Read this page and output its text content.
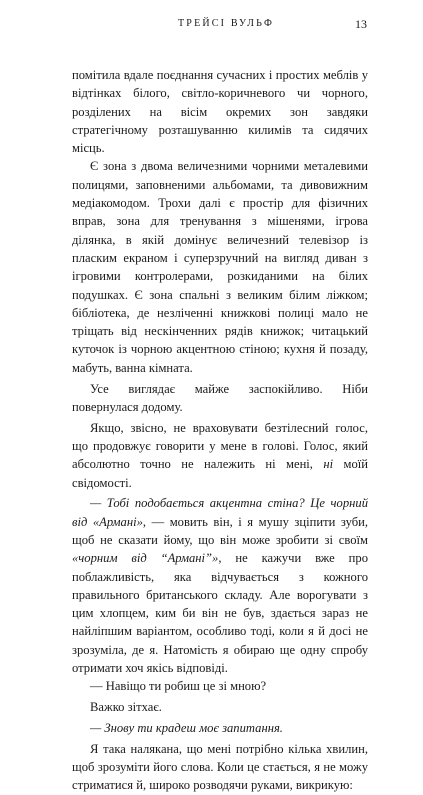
ТРЕЙСІ ВУЛЬФ	13

помітила вдале поєднання сучасних і простих меблів у відтінках білого, світло-коричневого чи чорного, розділених на вісім окремих зон завдяки стратегічному розташуванню килимів та сидячих місць.

Є зона з двома величезними чорними металевими полицями, заповненими альбомами, та дивовижним медіакомодом. Трохи далі є простір для фізичних вправ, зона для тренування з мішенями, ігрова ділянка, в якій домінує величезний телевізор із пласким екраном і суперзручний на вигляд диван з ігровими контролерами, розкиданими на білих подушках. Є зона спальні з великим білим ліжком; бібліотека, де незліченні книжкові полиці мало не тріщать від нескінченних рядів книжок; читацький куточок із чорною акцентною стіною; кухня й позаду, мабуть, ванна кімната.

Усе виглядає майже заспокійливо. Ніби повернулася додому.

Якщо, звісно, не враховувати безтілесний голос, що продовжує говорити у мене в голові. Голос, який абсолютно точно не належить ні мені, ні моїй свідомості.

— Тобі подобається акцентна стіна? Це чорний від «Армані», — мовить він, і я мушу зціпити зуби, щоб не сказати йому, що він може зробити зі своїм «чорним від “Армані”», не кажучи вже про поблажливість, яка відчувається з кожного правильного британського складу. Але ворогувати з цим хлопцем, ким би він не був, здається зараз не найліпшим варіантом, особливо тоді, коли я й досі не зрозуміла, де я. Натомість я обираю ще одну спробу отримати хоч якісь відповіді.

— Навіщо ти робиш це зі мною?

Важко зітхає.

— Знову ти крадеш моє запитання.

Я така налякана, що мені потрібно кілька хвилин, щоб зрозуміти його слова. Коли це стається, я не можу стриматися й, широко розводячи руками, викрикую:
